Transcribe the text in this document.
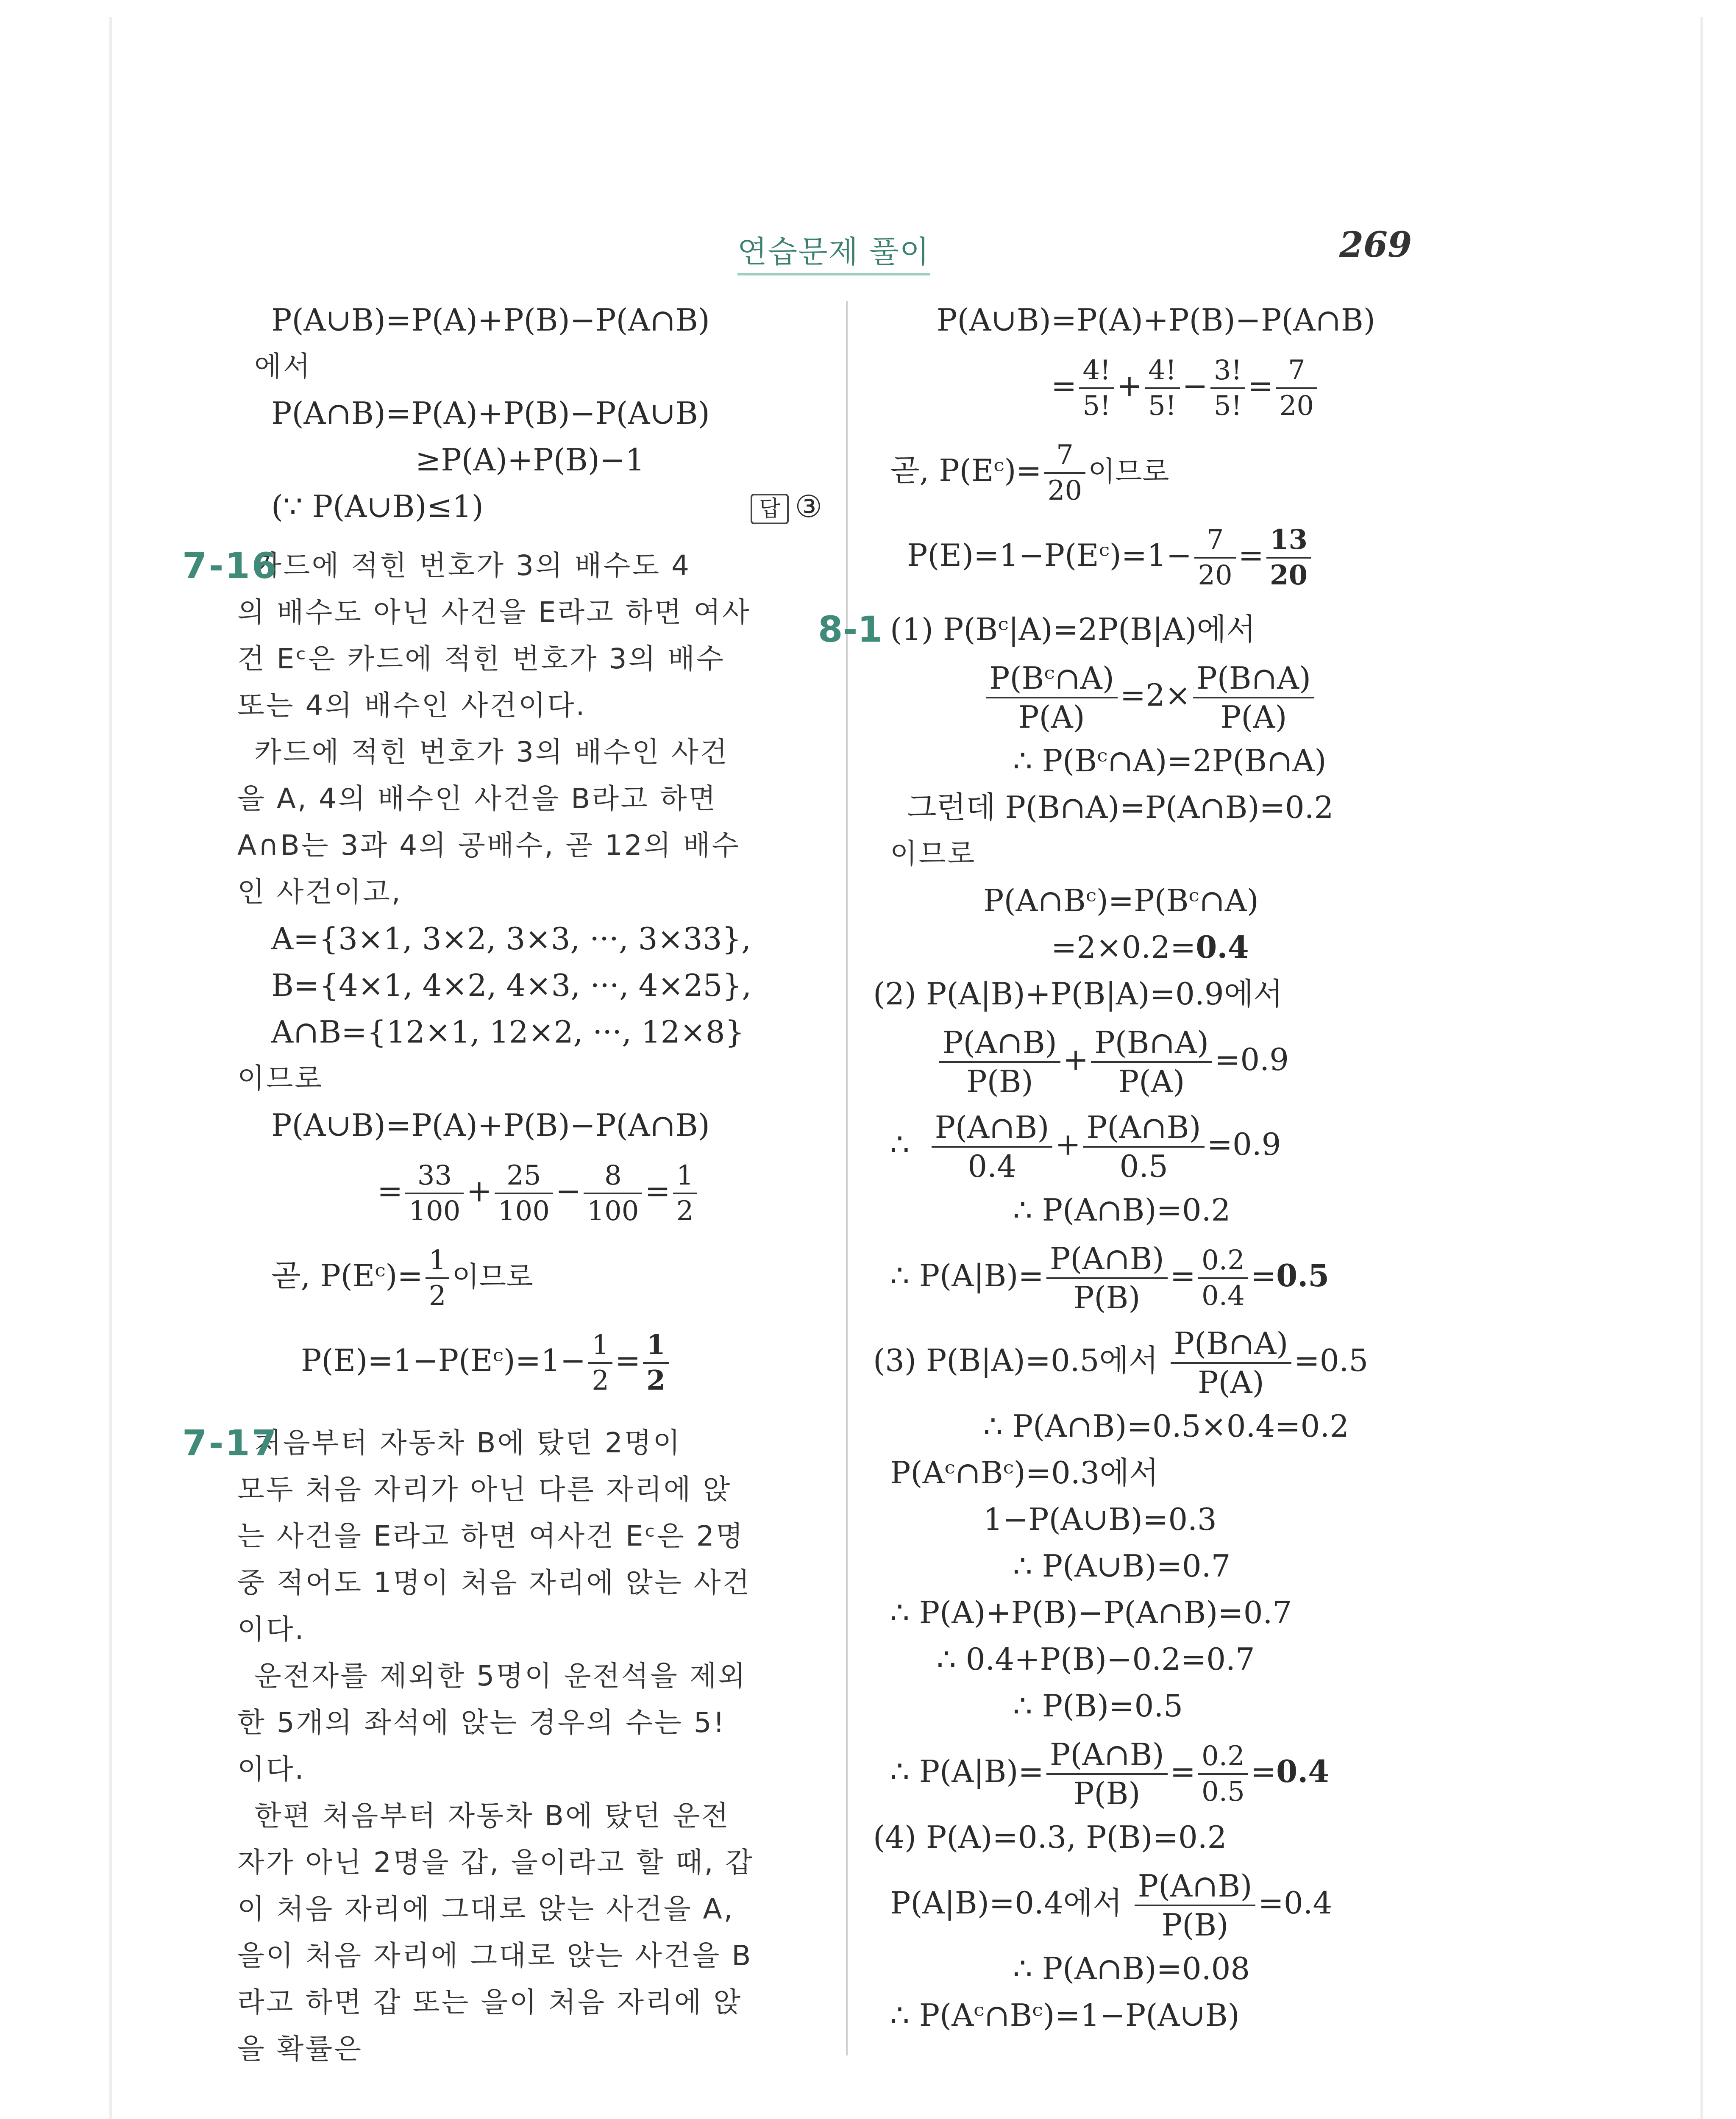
연습문제 풀이	269
P(A∪B)=P(A)+P(B)−P(A∩B)
에서
P(A∩B)=P(A)+P(B)−P(A∪B)
≥P(A)+P(B)−1
(∵ P(A∪B)≤1)	답 ③
7-16
카드에 적힌 번호가 3의 배수도 4
의 배수도 아닌 사건을 E라고 하면 여사
건 Eᶜ은 카드에 적힌 번호가 3의 배수
또는 4의 배수인 사건이다.
카드에 적힌 번호가 3의 배수인 사건
을 A, 4의 배수인 사건을 B라고 하면
A∩B는 3과 4의 공배수, 곧 12의 배수
인 사건이고,
A={3×1, 3×2, 3×3, ···, 3×33},
B={4×1, 4×2, 4×3, ···, 4×25},
A∩B={12×1, 12×2, ···, 12×8}
이므로
P(A∪B)=P(A)+P(B)−P(A∩B)
= $\frac{33}{100} + \frac{25}{100} - \frac{8}{100} = \frac{1}{2}$
곧, P(Eᶜ)= $\frac{1}{2}$ 이므로
P(E)=1−P(Eᶜ)=1− $\frac{1}{2} = \frac{1}{2}$
7-17
처음부터 자동차 B에 탔던 2명이
모두 처음 자리가 아닌 다른 자리에 앉
는 사건을 E라고 하면 여사건 Eᶜ은 2명
중 적어도 1명이 처음 자리에 앉는 사건
이다.
운전자를 제외한 5명이 운전석을 제외
한 5개의 좌석에 앉는 경우의 수는 5!
이다.
한편 처음부터 자동차 B에 탔던 운전
자가 아닌 2명을 갑, 을이라고 할 때, 갑
이 처음 자리에 그대로 앉는 사건을 A,
을이 처음 자리에 그대로 앉는 사건을 B
라고 하면 갑 또는 을이 처음 자리에 앉
을 확률은
P(A∪B)=P(A)+P(B)−P(A∩B)
= $\frac{4!}{5!} + \frac{4!}{5!} - \frac{3!}{5!} = \frac{7}{20}$
곧, P(Eᶜ)= $\frac{7}{20}$ 이므로
P(E)=1−P(Eᶜ)=1− $\frac{7}{20} = \frac{13}{20}$
8-1 (1) P(Bᶜ|A)=2P(B|A)에서
$\frac{\text{P(Bᶜ∩A)}}{P(A)} =2\times \frac{P(B\cap A)}{P(A)}$
∴ P(Bᶜ∩A)=2P(B∩A)
그런데 P(B∩A)=P(A∩B)=0.2
이므로
P(A∩Bᶜ)=P(Bᶜ∩A)
=2×0.2=0.4
(2) P(A|B)+P(B|A)=0.9에서
$\frac{P(A\cap B)}{P(B)} + \frac{P(B\cap A)}{P(A)} =0.9$
∴ $\frac{P(A\cap B)}{0.4} + \frac{P(A\cap B)}{0.5} =0.9$
∴ P(A∩B)=0.2
∴ $P(A|B)= \frac{P(A\cap B)}{P(B)} = \frac{0.2}{0.4} =0.5$
(3) P(B|A)=0.5에서 $\frac{P(B\cap A)}{P(A)} =0.5$
∴ P(A∩B)=0.5×0.4=0.2
P(Aᶜ∩Bᶜ)=0.3에서
1−P(A∪B)=0.3
∴ P(A∪B)=0.7
∴ P(A)+P(B)−P(A∩B)=0.7
∴ 0.4+P(B)−0.2=0.7
∴ P(B)=0.5
∴ $P(A|B)= \frac{P(A\cap B)}{P(B)} = \frac{0.2}{0.5} =0.4$
(4) P(A)=0.3, P(B)=0.2
P(A|B)=0.4에서 $\frac{P(A\cap B)}{P(B)} =0.4$
∴ P(A∩B)=0.08
∴ P(Aᶜ∩Bᶜ)=1−P(A∪B)
